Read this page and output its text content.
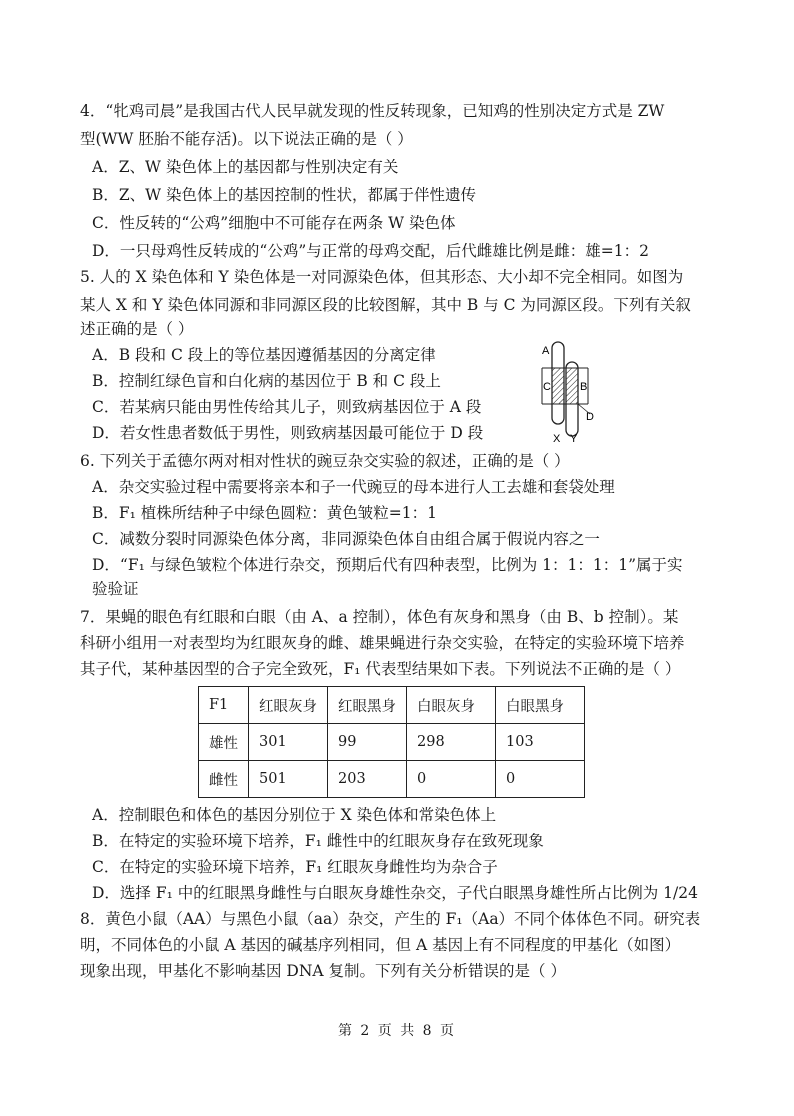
4．“牝鸡司晨”是我国古代人民早就发现的性反转现象，已知鸡的性别决定方式是 ZW
型(WW 胚胎不能存活)。以下说法正确的是（ ）
A．Z、W 染色体上的基因都与性别决定有关
B．Z、W 染色体上的基因控制的性状，都属于伴性遗传
C．性反转的“公鸡”细胞中不可能存在两条 W 染色体
D．一只母鸡性反转成的“公鸡”与正常的母鸡交配，后代雌雄比例是雌：雄=1：2
5. 人的 X 染色体和 Y 染色体是一对同源染色体，但其形态、大小却不完全相同。如图为
某人 X 和 Y 染色体同源和非同源区段的比较图解，其中 B 与 C 为同源区段。下列有关叙
述正确的是（ ）
A．B 段和 C 段上的等位基因遵循基因的分离定律
B．控制红绿色盲和白化病的基因位于 B 和 C 段上
C．若某病只能由男性传给其儿子，则致病基因位于 A 段
D．若女性患者数低于男性，则致病基因最可能位于 D 段
A
C	B
D
X Y
6. 下列关于孟德尔两对相对性状的豌豆杂交实验的叙述，正确的是（ ）
A．杂交实验过程中需要将亲本和子一代豌豆的母本进行人工去雄和套袋处理
B．F₁ 植株所结种子中绿色圆粒：黄色皱粒=1：1
C．减数分裂时同源染色体分离，非同源染色体自由组合属于假说内容之一
D．“F₁ 与绿色皱粒个体进行杂交，预期后代有四种表型，比例为 1：1：1：1”属于实
验验证
7．果蝇的眼色有红眼和白眼（由 A、a 控制），体色有灰身和黑身（由 B、b 控制）。某
科研小组用一对表型均为红眼灰身的雌、雄果蝇进行杂交实验，在特定的实验环境下培养
其子代，某种基因型的合子完全致死，F₁ 代表型结果如下表。下列说法不正确的是（ ）
F1	红眼灰身	红眼黑身	白眼灰身	白眼黑身
雄性	301	99	298	103
雌性	501	203	0	0
A．控制眼色和体色的基因分别位于 X 染色体和常染色体上
B．在特定的实验环境下培养，F₁ 雌性中的红眼灰身存在致死现象
C．在特定的实验环境下培养，F₁ 红眼灰身雌性均为杂合子
D．选择 F₁ 中的红眼黑身雌性与白眼灰身雄性杂交，子代白眼黑身雄性所占比例为 1/24
8．黄色小鼠（AA）与黑色小鼠（aa）杂交，产生的 F₁（Aa）不同个体体色不同。研究表
明，不同体色的小鼠 A 基因的碱基序列相同，但 A 基因上有不同程度的甲基化（如图）
现象出现，甲基化不影响基因 DNA 复制。下列有关分析错误的是（ ）
第 2 页 共 8 页
